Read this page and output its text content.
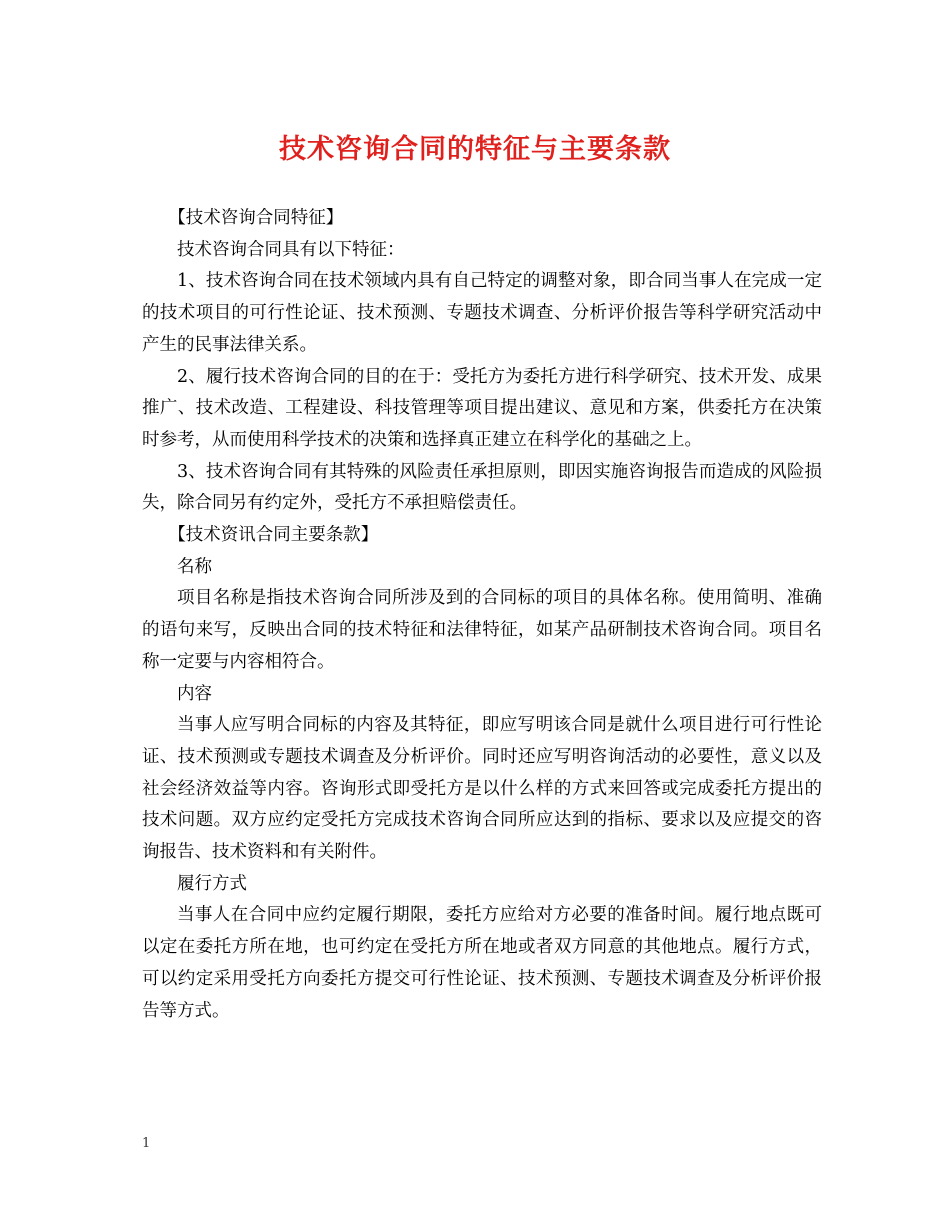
技术咨询合同的特征与主要条款

【技术咨询合同特征】

技术咨询合同具有以下特征：

1、技术咨询合同在技术领域内具有自己特定的调整对象，即合同当事人在完成一定的技术项目的可行性论证、技术预测、专题技术调查、分析评价报告等科学研究活动中产生的民事法律关系。

2、履行技术咨询合同的目的在于：受托方为委托方进行科学研究、技术开发、成果推广、技术改造、工程建设、科技管理等项目提出建议、意见和方案，供委托方在决策时参考，从而使用科学技术的决策和选择真正建立在科学化的基础之上。

3、技术咨询合同有其特殊的风险责任承担原则，即因实施咨询报告而造成的风险损失，除合同另有约定外，受托方不承担赔偿责任。

【技术资讯合同主要条款】

名称

项目名称是指技术咨询合同所涉及到的合同标的项目的具体名称。使用简明、准确的语句来写，反映出合同的技术特征和法律特征，如某产品研制技术咨询合同。项目名称一定要与内容相符合。

内容

当事人应写明合同标的内容及其特征，即应写明该合同是就什么项目进行可行性论证、技术预测或专题技术调查及分析评价。同时还应写明咨询活动的必要性，意义以及社会经济效益等内容。咨询形式即受托方是以什么样的方式来回答或完成委托方提出的技术问题。双方应约定受托方完成技术咨询合同所应达到的指标、要求以及应提交的咨询报告、技术资料和有关附件。

履行方式

当事人在合同中应约定履行期限，委托方应给对方必要的准备时间。履行地点既可以定在委托方所在地，也可约定在受托方所在地或者双方同意的其他地点。履行方式，可以约定采用受托方向委托方提交可行性论证、技术预测、专题技术调查及分析评价报告等方式。

1
